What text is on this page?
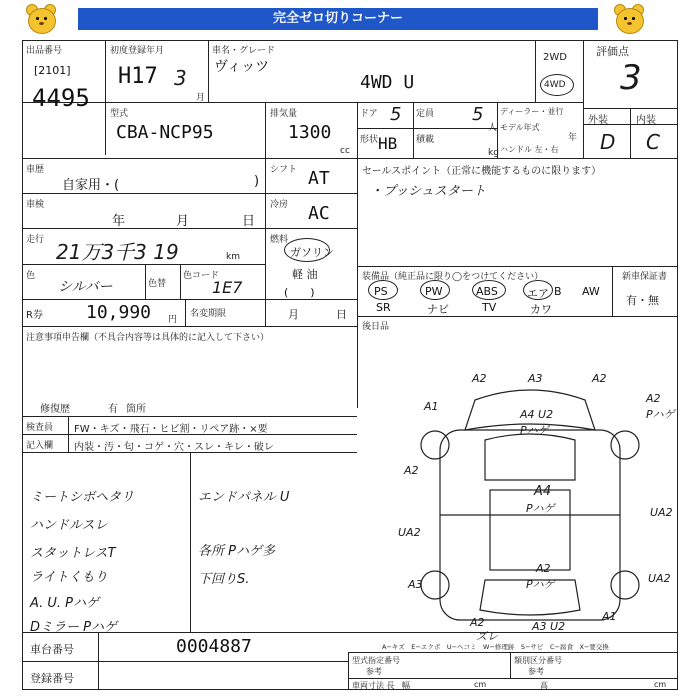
完全ゼロ切りコーナー
出品番号
[2101]
4495
初度登録年月
H17 3
月
車名・グレード
ヴィッツ
4WD U
2WD
4WD
評価点
3
外装	内装
D C
型式
CBA-NCP95
排気量
1300
cc
ドア 5 定員 5
人
形状 HB 積載
kg
ディーラー・並行
モデル年式
年
ハンドル 左・右
車歴
自家用・(	)
シフト AT
車検
年	月	日
冷房 AC
走行 21万3千3 19	km
燃料
ガソリン
軽 油
(　　)
色
シルバー	色替
色コード
1E7
R券 10,990 円
名変期限	月	日
セールスポイント（正常に機能するものに限ります）
・プッシュスタート
装備品（純正品に限り◯をつけてください）
PS	PW	ABS	エア B AW
SR	ナビ	TV	カワ
新車保証書
有・無
後日品
注意事項申告欄（不具合内容等は具体的に記入して下さい）
修復歴	有 箇所
検査員
記入欄
FW・キズ・飛石・ヒビ割・リペア跡・×要
内装・汚・匂・コゲ・穴・スレ・キレ・破レ
ミートシボヘタリ
ハンドルスレ
スタットレスT
ライトくもり
A. U. Pハゲ
Dミラー Pハゲ
エンドパネル U
各所 Pハゲ多
下回りS.
A2	A3	A2
A1
A4 U2
Pハゲ
A2
Pハゲ
A4
Pハゲ
A2
UA2
UA2
A2
Pハゲ
A3	UA2
A2
ズレ
A3 U2
A1
A−キズ　E−エクボ　U−ヘコミ　W−修理跡　S−サビ　C−腐食　X−要交換
車台番号	0004887
登録番号
型式指定番号
参考
類別区分番号
参考
車両寸法 長 幅	高
cm	cm
